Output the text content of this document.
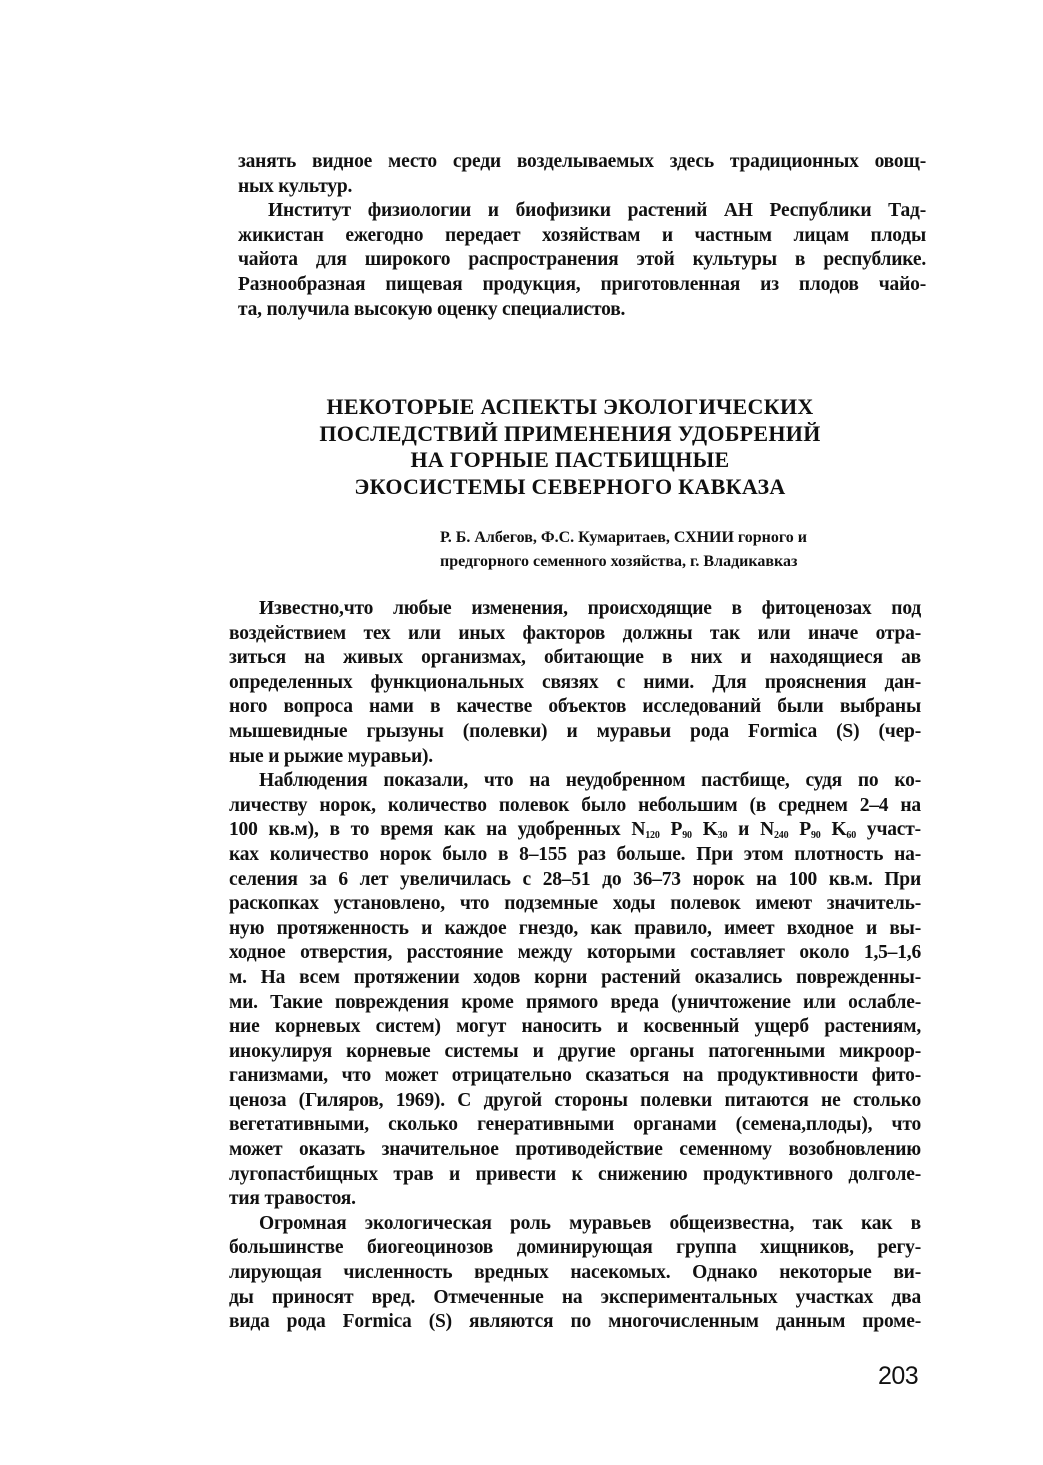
занять видное место среди возделываемых здесь традиционных овощ-
ных культур.
Институт физиологии и биофизики растений АН Республики Тад-
жикистан ежегодно передает хозяйствам и частным лицам плоды
чайота для широкого распространения этой культуры в республике.
Разнообразная пищевая продукция, приготовленная из плодов чайо-
та, получила высокую оценку специалистов.
НЕКОТОРЫЕ АСПЕКТЫ ЭКОЛОГИЧЕСКИХ
ПОСЛЕДСТВИЙ ПРИМЕНЕНИЯ УДОБРЕНИЙ
НА ГОРНЫЕ ПАСТБИЩНЫЕ
ЭКОСИСТЕМЫ СЕВЕРНОГО КАВКАЗА
Р. Б. Албегов, Ф.С. Кумаритаев, СХНИИ горного и
предгорного семенного хозяйства, г. Владикавказ
Известно,что любые изменения, происходящие в фитоценозах под
воздействием тех или иных факторов должны так или иначе отра-
зиться на живых организмах, обитающие в них и находящиеся ав
определенных функциональных связях с ними. Для прояснения дан-
ного вопроса нами в качестве объектов исследований были выбраны
мышевидные грызуны (полевки) и муравьи рода Formica (S) (чер-
ные и рыжие муравьи).
Наблюдения показали, что на неудобренном пастбище, судя по ко-
личеству норок, количество полевок было небольшим (в среднем 2–4 на
100 кв.м), в то время как на удобренных $N_{120}$ $P_{90}$ $K_{30}$ и $N_{240}$ $P_{90}$ $K_{60}$ участ-
ках количество норок было в 8–155 раз больше. При этом плотность на-
селения за 6 лет увеличилась с 28–51 до 36–73 норок на 100 кв.м. При
раскопках установлено, что подземные ходы полевок имеют значитель-
ную протяженность и каждое гнездо, как правило, имеет входное и вы-
ходное отверстия, расстояние между которыми составляет около 1,5–1,6
м. На всем протяжении ходов корни растений оказались поврежденны-
ми. Такие повреждения кроме прямого вреда (уничтожение или ослабле-
ние корневых систем) могут наносить и косвенный ущерб растениям,
инокулируя корневые системы и другие органы патогенными микроор-
ганизмами, что может отрицательно сказаться на продуктивности фито-
ценоза (Гиляров, 1969). С другой стороны полевки питаются не столько
вегетативными, сколько генеративными органами (семена,плоды), что
может оказать значительное противодействие семенному возобновлению
лугопастбищных трав и привести к снижению продуктивного долголе-
тия травостоя.
Огромная экологическая роль муравьев общеизвестна, так как в
большинстве биогеоцинозов доминирующая группа хищников, регу-
лирующая численность вредных насекомых. Однако некоторые ви-
ды приносят вред. Отмеченные на экспериментальных участках два
вида рода Formica (S) являются по многочисленным данным проме-
203
